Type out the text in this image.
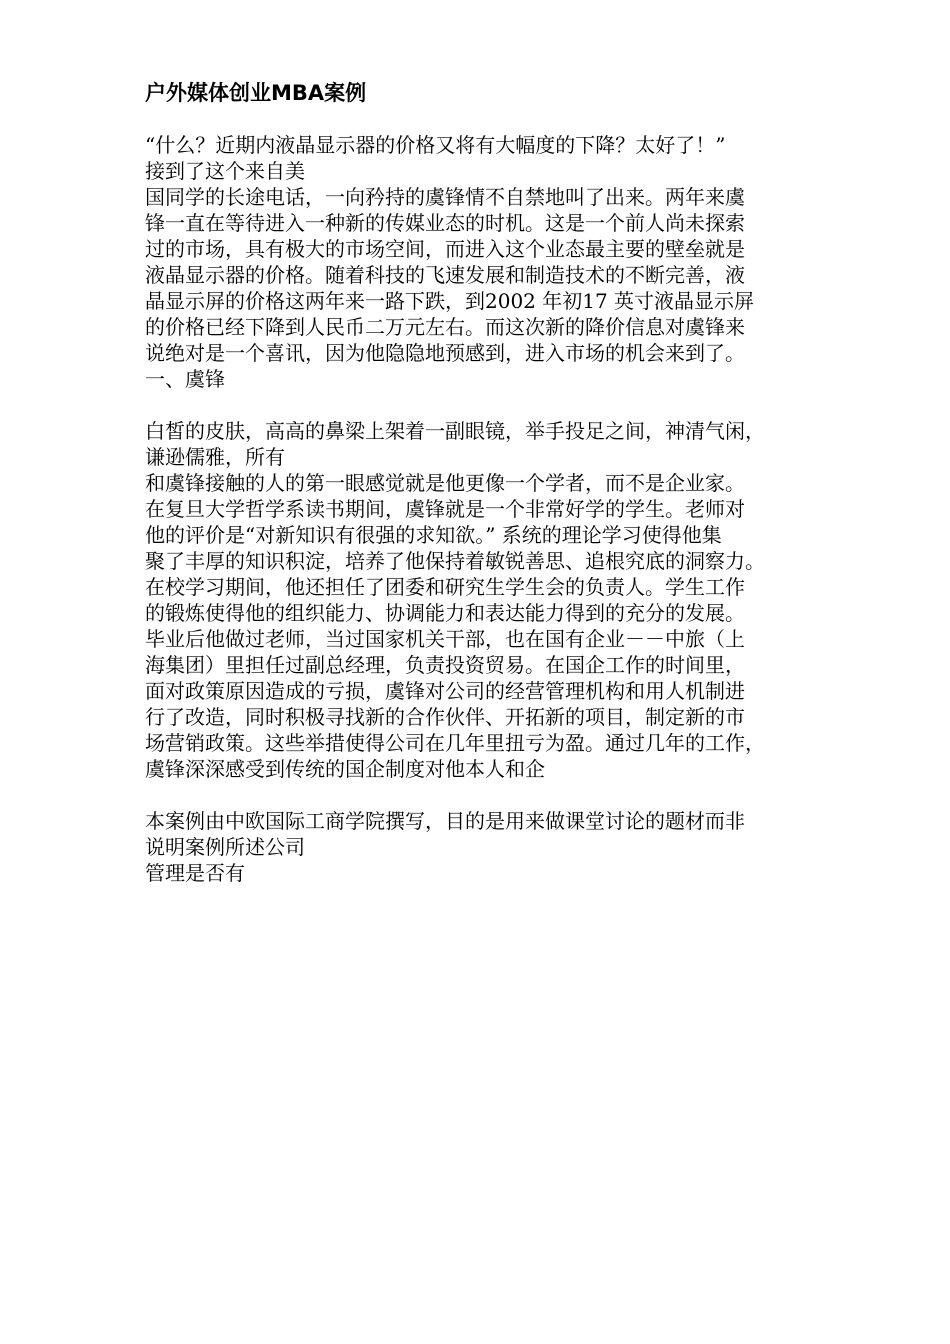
户外媒体创业MBA案例
“什么？近期内液晶显示器的价格又将有大幅度的下降？太好了！”
接到了这个来自美
国同学的长途电话，一向矜持的虞锋情不自禁地叫了出来。两年来虞
锋一直在等待进入一种新的传媒业态的时机。这是一个前人尚未探索
过的市场，具有极大的市场空间，而进入这个业态最主要的壁垒就是
液晶显示器的价格。随着科技的飞速发展和制造技术的不断完善，液
晶显示屏的价格这两年来一路下跌，到2002 年初17 英寸液晶显示屏
的价格已经下降到人民币二万元左右。而这次新的降价信息对虞锋来
说绝对是一个喜讯，因为他隐隐地预感到，进入市场的机会来到了。
一、虞锋
白皙的皮肤，高高的鼻梁上架着一副眼镜，举手投足之间，神清气闲，
谦逊儒雅，所有
和虞锋接触的人的第一眼感觉就是他更像一个学者，而不是企业家。
在复旦大学哲学系读书期间，虞锋就是一个非常好学的学生。老师对
他的评价是“对新知识有很强的求知欲。” 系统的理论学习使得他集
聚了丰厚的知识积淀，培养了他保持着敏锐善思、追根究底的洞察力。
在校学习期间，他还担任了团委和研究生学生会的负责人。学生工作
的锻炼使得他的组织能力、协调能力和表达能力得到的充分的发展。
毕业后他做过老师，当过国家机关干部，也在国有企业－－中旅（上
海集团）里担任过副总经理，负责投资贸易。在国企工作的时间里，
面对政策原因造成的亏损，虞锋对公司的经营管理机构和用人机制进
行了改造，同时积极寻找新的合作伙伴、开拓新的项目，制定新的市
场营销政策。这些举措使得公司在几年里扭亏为盈。通过几年的工作，
虞锋深深感受到传统的国企制度对他本人和企
本案例由中欧国际工商学院撰写，目的是用来做课堂讨论的题材而非
说明案例所述公司
管理是否有
